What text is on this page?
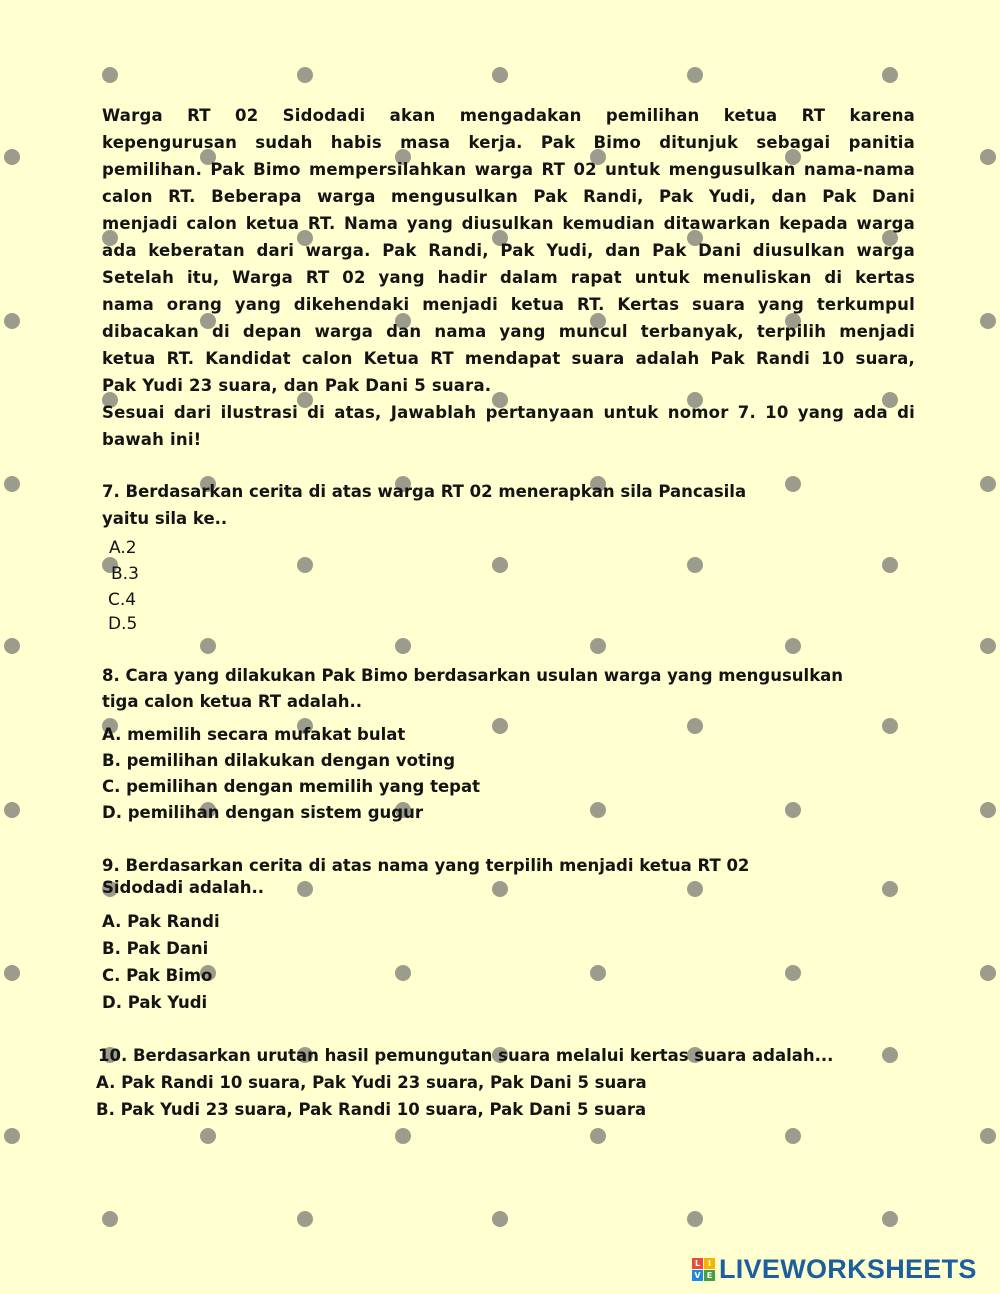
Warga RT 02 Sidodadi akan mengadakan pemilihan ketua RT karena
kepengurusan sudah habis masa kerja. Pak Bimo ditunjuk sebagai panitia
pemilihan. Pak Bimo mempersilahkan warga RT 02 untuk mengusulkan nama-nama
calon RT. Beberapa warga mengusulkan Pak Randi, Pak Yudi, dan Pak Dani
menjadi calon ketua RT. Nama yang diusulkan kemudian ditawarkan kepada warga
ada keberatan dari warga. Pak Randi, Pak Yudi, dan Pak Dani diusulkan warga
Setelah itu, Warga RT 02 yang hadir dalam rapat untuk menuliskan di kertas
nama orang yang dikehendaki menjadi ketua RT. Kertas suara yang terkumpul
dibacakan di depan warga dan nama yang muncul terbanyak, terpilih menjadi
ketua RT. Kandidat calon Ketua RT mendapat suara adalah Pak Randi 10 suara,
Pak Yudi 23 suara, dan Pak Dani 5 suara.
Sesuai dari ilustrasi di atas, Jawablah pertanyaan untuk nomor 7. 10 yang ada di
bawah ini!
7. Berdasarkan cerita di atas warga RT 02 menerapkan sila Pancasila
yaitu sila ke..
A.2
B.3
C.4
D.5
8. Cara yang dilakukan Pak Bimo berdasarkan usulan warga yang mengusulkan
tiga calon ketua RT adalah..
A. memilih secara mufakat bulat
B. pemilihan dilakukan dengan voting
C. pemilihan dengan memilih yang tepat
D. pemilihan dengan sistem gugur
9. Berdasarkan cerita di atas nama yang terpilih menjadi ketua RT 02
Sidodadi adalah..
A. Pak Randi
B. Pak Dani
C. Pak Bimo
D. Pak Yudi
10. Berdasarkan urutan hasil pemungutan suara melalui kertas suara adalah...
A. Pak Randi 10 suara, Pak Yudi 23 suara, Pak Dani 5 suara
B. Pak Yudi 23 suara, Pak Randi 10 suara, Pak Dani 5 suara
L I
V E LIVEWORKSHEETS
